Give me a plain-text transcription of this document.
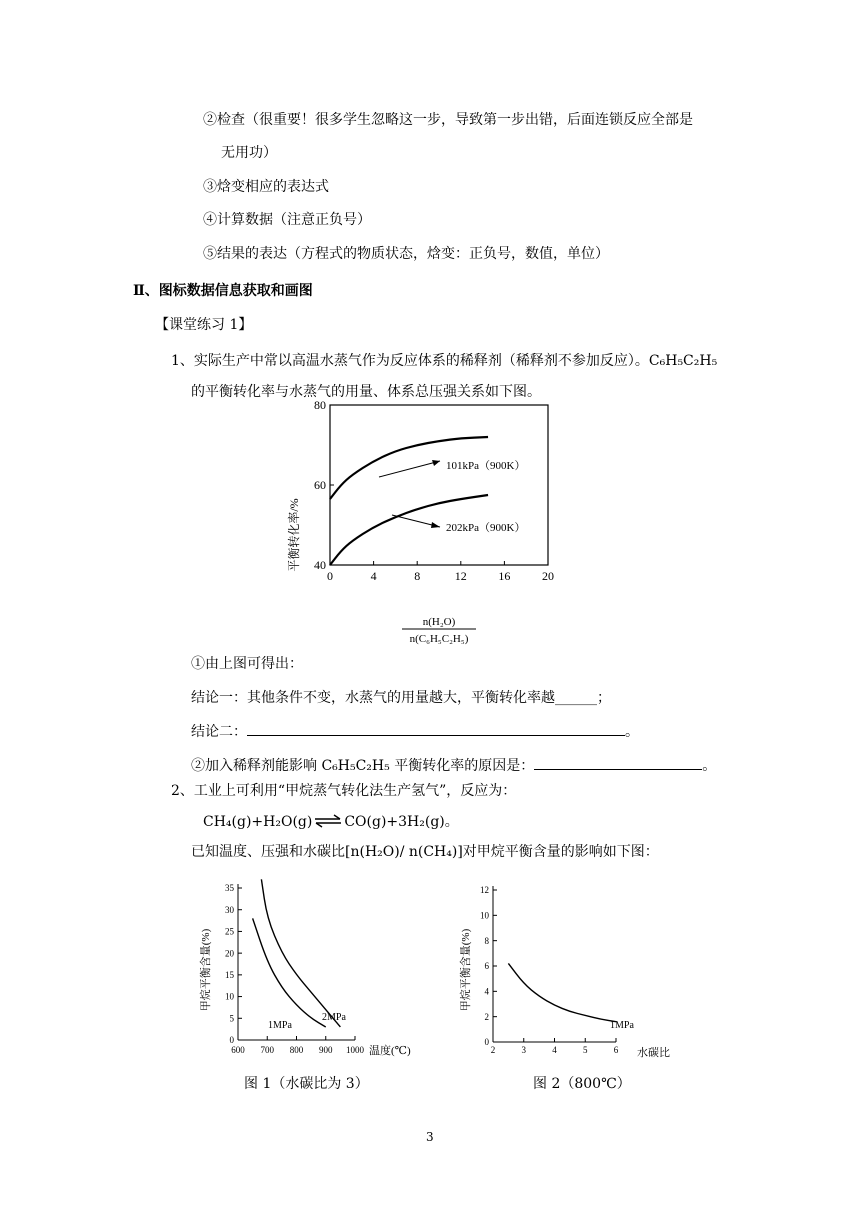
②检查（很重要！很多学生忽略这一步，导致第一步出错，后面连锁反应全部是
无用功）
③焓变相应的表达式
④计算数据（注意正负号）
⑤结果的表达（方程式的物质状态，焓变：正负号，数值，单位）
Ⅱ、图标数据信息获取和画图
【课堂练习 1】
1、实际生产中常以高温水蒸气作为反应体系的稀释剂（稀释剂不参加反应）。C₆H₅C₂H₅
的平衡转化率与水蒸气的用量、体系总压强关系如下图。
0	4	8	12	16	20
40
60
80
平衡转化率/%
101kPa（900K）
202kPa（900K）
n(H₂O)
n(C₆H₅C₂H₅)
①由上图可得出：
结论一：其他条件不变，水蒸气的用量越大，平衡转化率越______；
结论二：	。
②加入稀释剂能影响 C₆H₅C₂H₅ 平衡转化率的原因是：	。
2、工业上可利用“甲烷蒸气转化法生产氢气”，反应为：
CH₄(g)+H₂O(g)⇌CO(g)+3H₂(g)。
已知温度、压强和水碳比[n(H₂O)/ n(CH₄)]对甲烷平衡含量的影响如下图：
600 700 800 900 1000
0
5
10
15
20
25
30
35
甲烷平衡含量(%)
温度(℃)
1MPa
2MPa
2	3	4	5	6
0
2
4
6
8
10
12
甲烷平衡含量(%)
水碳比
1MPa
图 1（水碳比为 3）	图 2（800℃）
3
